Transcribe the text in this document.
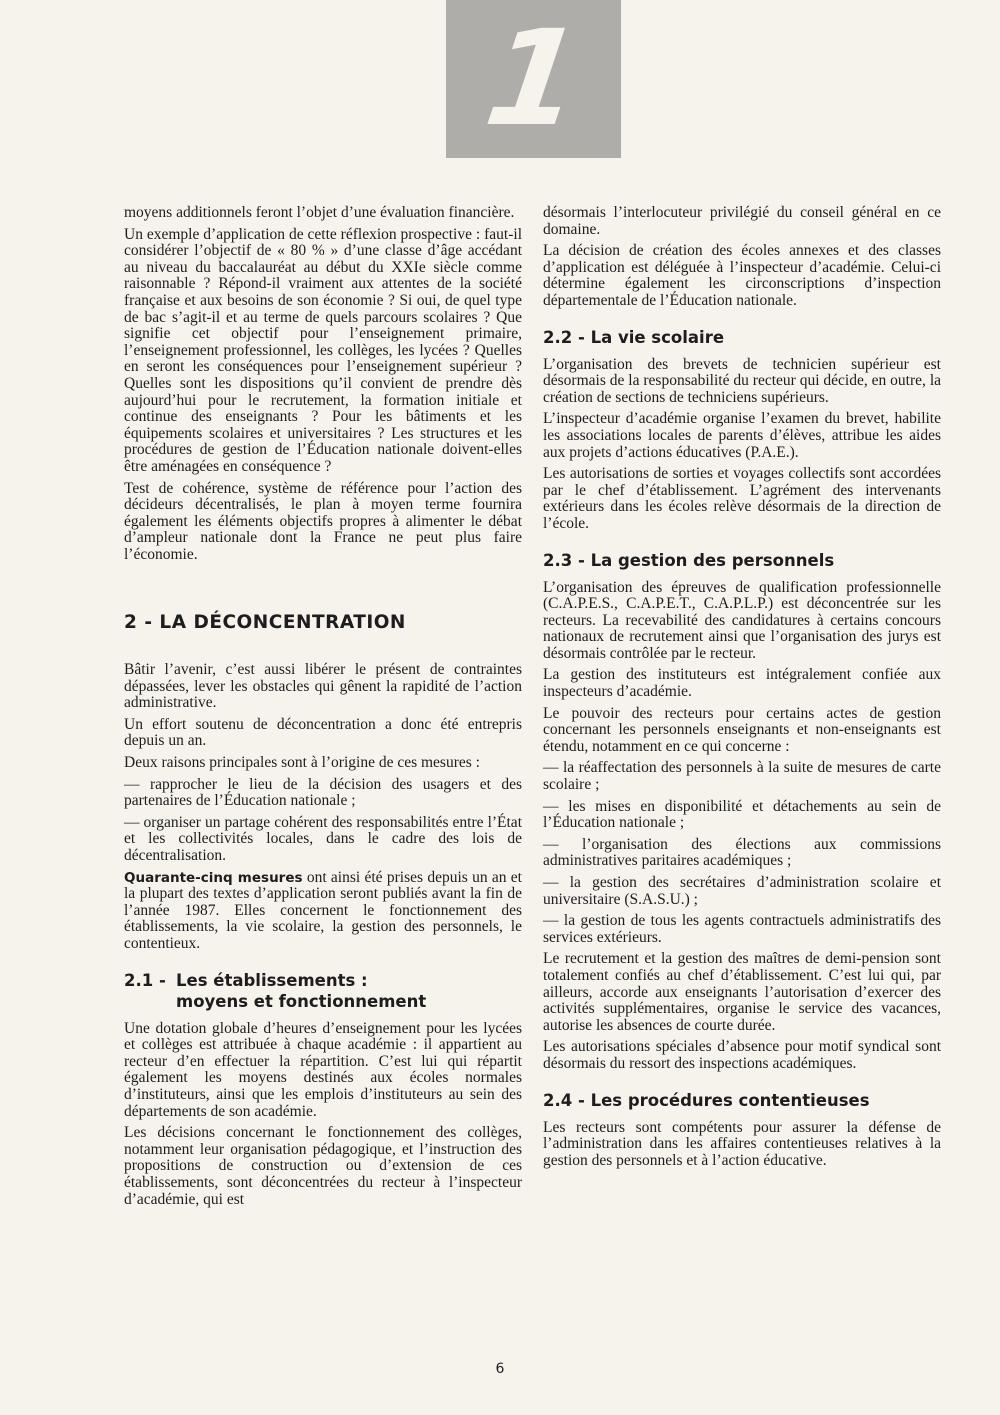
1

moyens additionnels feront l’objet d’une évaluation financière.

Un exemple d’application de cette réflexion prospective : faut-il considérer l’objectif de « 80 % » d’une classe d’âge accédant au niveau du baccalauréat au début du XXIe siècle comme raisonnable ? Répond-il vraiment aux attentes de la société française et aux besoins de son économie ? Si oui, de quel type de bac s’agit-il et au terme de quels parcours scolaires ? Que signifie cet objectif pour l’enseignement primaire, l’enseignement professionnel, les collèges, les lycées ? Quelles en seront les conséquences pour l’enseignement supérieur ? Quelles sont les dispositions qu’il convient de prendre dès aujourd’hui pour le recrutement, la formation initiale et continue des enseignants ? Pour les bâtiments et les équipements scolaires et universitaires ? Les structures et les procédures de gestion de l’Éducation nationale doivent-elles être aménagées en conséquence ?

Test de cohérence, système de référence pour l’action des décideurs décentralisés, le plan à moyen terme fournira également les éléments objectifs propres à alimenter le débat d’ampleur nationale dont la France ne peut plus faire l’économie.

2 - LA DÉCONCENTRATION

Bâtir l’avenir, c’est aussi libérer le présent de contraintes dépassées, lever les obstacles qui gênent la rapidité de l’action administrative.

Un effort soutenu de déconcentration a donc été entrepris depuis un an.

Deux raisons principales sont à l’origine de ces mesures :

— rapprocher le lieu de la décision des usagers et des partenaires de l’Éducation nationale ;

— organiser un partage cohérent des responsabilités entre l’État et les collectivités locales, dans le cadre des lois de décentralisation.

Quarante-cinq mesures ont ainsi été prises depuis un an et la plupart des textes d’application seront publiés avant la fin de l’année 1987. Elles concernent le fonctionnement des établissements, la vie scolaire, la gestion des personnels, le contentieux.

2.1 - Les établissements :
moyens et fonctionnement

Une dotation globale d’heures d’enseignement pour les lycées et collèges est attribuée à chaque académie : il appartient au recteur d’en effectuer la répartition. C’est lui qui répartit également les moyens destinés aux écoles normales d’instituteurs, ainsi que les emplois d’instituteurs au sein des départements de son académie.

Les décisions concernant le fonctionnement des collèges, notamment leur organisation pédagogique, et l’instruction des propositions de construction ou d’extension de ces établissements, sont déconcentrées du recteur à l’inspecteur d’académie, qui est

désormais l’interlocuteur privilégié du conseil général en ce domaine.

La décision de création des écoles annexes et des classes d’application est déléguée à l’inspecteur d’académie. Celui-ci détermine également les circonscriptions d’inspection départementale de l’Éducation nationale.

2.2 - La vie scolaire

L’organisation des brevets de technicien supérieur est désormais de la responsabilité du recteur qui décide, en outre, la création de sections de techniciens supérieurs.

L’inspecteur d’académie organise l’examen du brevet, habilite les associations locales de parents d’élèves, attribue les aides aux projets d’actions éducatives (P.A.E.).

Les autorisations de sorties et voyages collectifs sont accordées par le chef d’établissement. L’agrément des intervenants extérieurs dans les écoles relève désormais de la direction de l’école.

2.3 - La gestion des personnels

L’organisation des épreuves de qualification professionnelle (C.A.P.E.S., C.A.P.E.T., C.A.P.L.P.) est déconcentrée sur les recteurs. La recevabilité des candidatures à certains concours nationaux de recrutement ainsi que l’organisation des jurys est désormais contrôlée par le recteur.

La gestion des instituteurs est intégralement confiée aux inspecteurs d’académie.

Le pouvoir des recteurs pour certains actes de gestion concernant les personnels enseignants et non-enseignants est étendu, notamment en ce qui concerne :

— la réaffectation des personnels à la suite de mesures de carte scolaire ;

— les mises en disponibilité et détachements au sein de l’Éducation nationale ;

— l’organisation des élections aux commissions administratives paritaires académiques ;

— la gestion des secrétaires d’administration scolaire et universitaire (S.A.S.U.) ;

— la gestion de tous les agents contractuels administratifs des services extérieurs.

Le recrutement et la gestion des maîtres de demi-pension sont totalement confiés au chef d’établissement. C’est lui qui, par ailleurs, accorde aux enseignants l’autorisation d’exercer des activités supplémentaires, organise le service des vacances, autorise les absences de courte durée.

Les autorisations spéciales d’absence pour motif syndical sont désormais du ressort des inspections académiques.

2.4 - Les procédures contentieuses

Les recteurs sont compétents pour assurer la défense de l’administration dans les affaires contentieuses relatives à la gestion des personnels et à l’action éducative.

6
